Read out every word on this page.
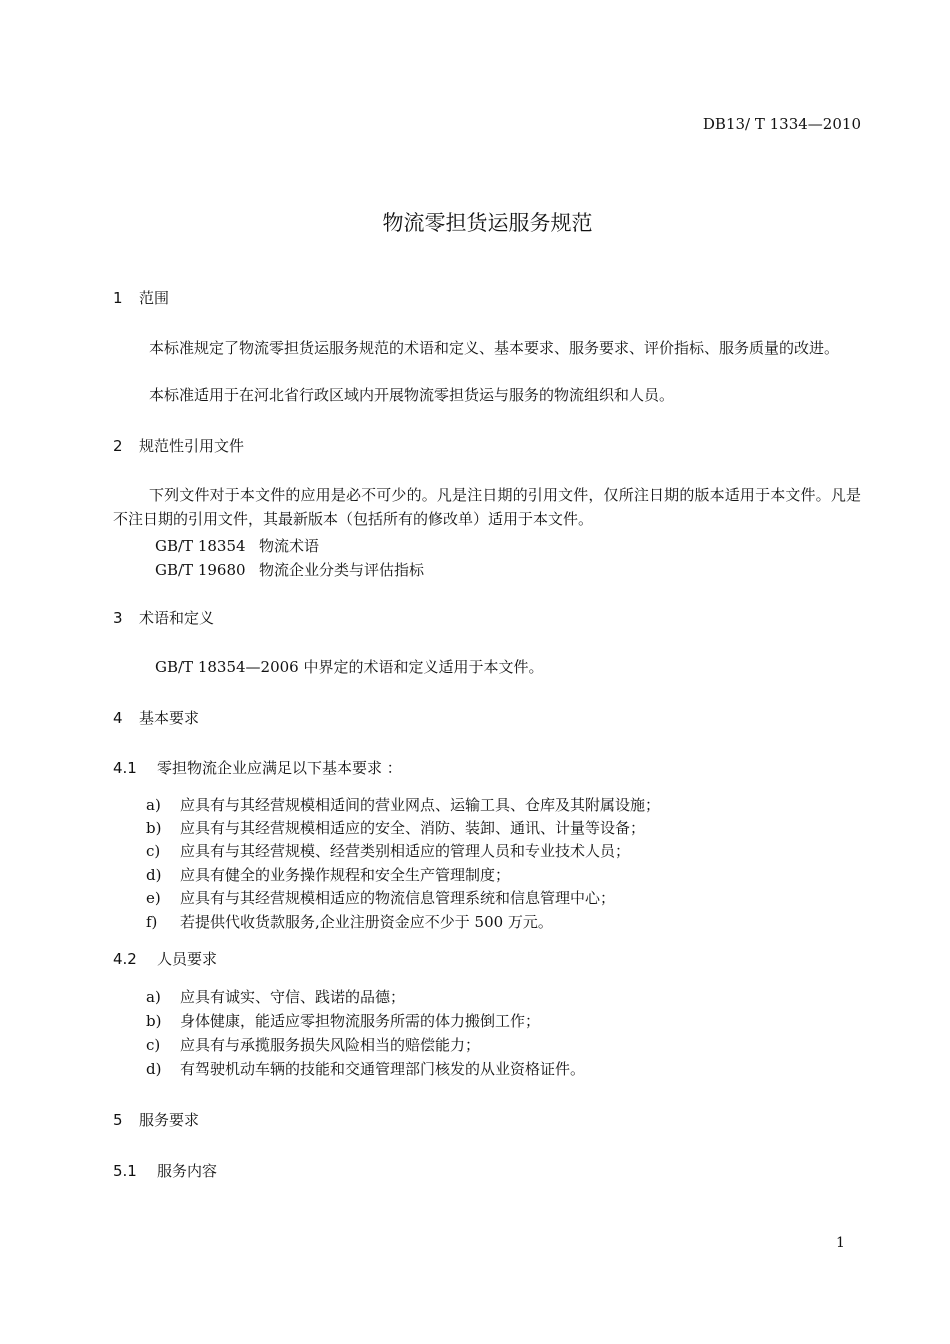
DB13/ T 1334—2010
物流零担货运服务规范
1 范围
本标准规定了物流零担货运服务规范的术语和定义、基本要求、服务要求、评价指标、服务质量的改进。
本标准适用于在河北省行政区域内开展物流零担货运与服务的物流组织和人员。
2 规范性引用文件
下列文件对于本文件的应用是必不可少的。凡是注日期的引用文件，仅所注日期的版本适用于本文件。凡是不注日期的引用文件，其最新版本（包括所有的修改单）适用于本文件。
GB/T 18354 物流术语
GB/T 19680 物流企业分类与评估指标
3 术语和定义
GB/T 18354—2006 中界定的术语和定义适用于本文件。
4 基本要求
4.1 零担物流企业应满足以下基本要求 ：
a) 应具有与其经营规模相适间的营业网点、运输工具、仓库及其附属设施；
b) 应具有与其经营规模相适应的安全、消防、装卸、通讯、计量等设备；
c) 应具有与其经营规模、经营类别相适应的管理人员和专业技术人员；
d) 应具有健全的业务操作规程和安全生产管理制度；
e) 应具有与其经营规模相适应的物流信息管理系统和信息管理中心；
f) 若提供代收货款服务,企业注册资金应不少于 500 万元。
4.2 人员要求
a) 应具有诚实、守信、践诺的品德；
b) 身体健康，能适应零担物流服务所需的体力搬倒工作；
c) 应具有与承揽服务损失风险相当的赔偿能力；
d) 有驾驶机动车辆的技能和交通管理部门核发的从业资格证件。
5 服务要求
5.1 服务内容
1
